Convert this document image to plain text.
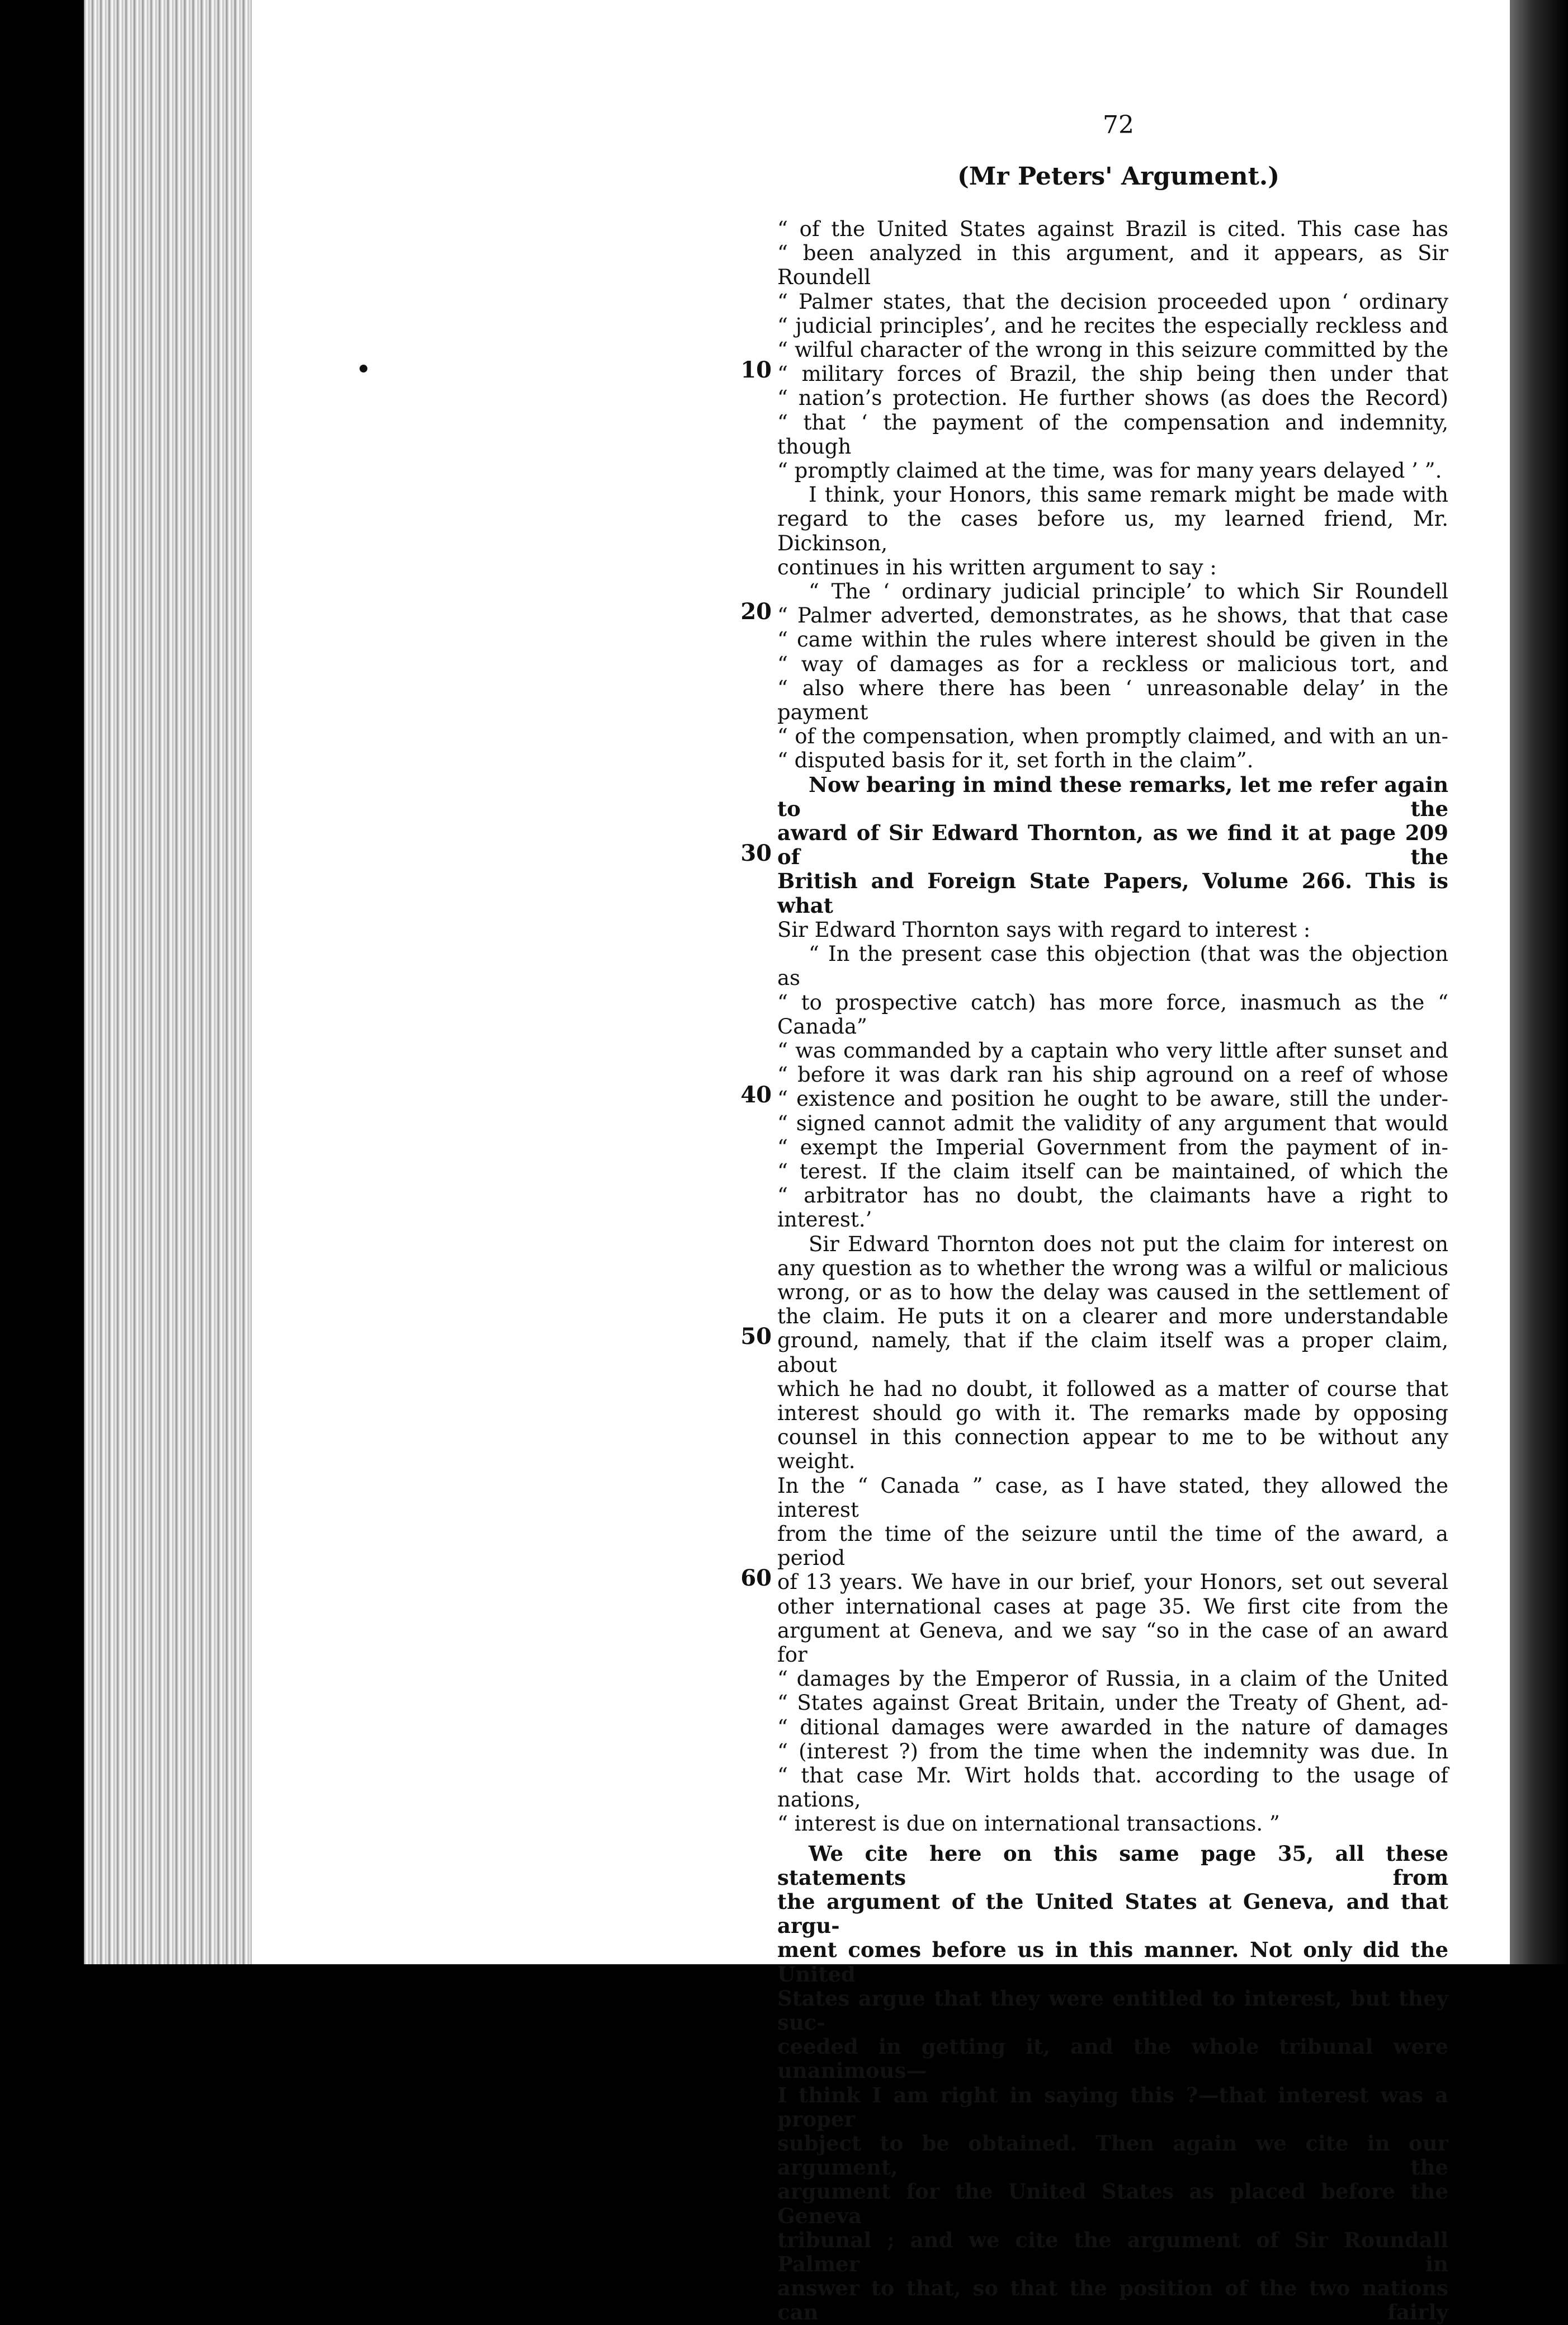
72
(Mr Peters' Argument.)
10
20
30
40
50
60

“ of the United States against Brazil is cited. This case has

“ been analyzed in this argument, and it appears, as Sir Roundell

“ Palmer states, that the decision proceeded upon ‘ ordinary

“ judicial principles’, and he recites the especially reckless and

“ wilful character of the wrong in this seizure committed by the

“ military forces of Brazil, the ship being then under that

“ nation’s protection. He further shows (as does the Record)

“ that ‘ the payment of the compensation and indemnity, though

“ promptly claimed at the time, was for many years delayed ’ ”.

I think, your Honors, this same remark might be made with

regard to the cases before us, my learned friend, Mr. Dickinson,

continues in his written argument to say :

“ The ‘ ordinary judicial principle’ to which Sir Roundell

“ Palmer adverted, demonstrates, as he shows, that that case

“ came within the rules where interest should be given in the

“ way of damages as for a reckless or malicious tort, and

“ also where there has been ‘ unreasonable delay’ in the payment

“ of the compensation, when promptly claimed, and with an un-

“ disputed basis for it, set forth in the claim”.

Now bearing in mind these remarks, let me refer again to the

award of Sir Edward Thornton, as we find it at page 209 of the

British and Foreign State Papers, Volume 266. This is what

Sir Edward Thornton says with regard to interest :

“ In the present case this objection (that was the objection as

“ to prospective catch) has more force, inasmuch as the “ Canada”

“ was commanded by a captain who very little after sunset and

“ before it was dark ran his ship aground on a reef of whose

“ existence and position he ought to be aware, still the under-

“ signed cannot admit the validity of any argument that would

“ exempt the Imperial Government from the payment of in-

“ terest. If the claim itself can be maintained, of which the

“ arbitrator has no doubt, the claimants have a right to interest.’

Sir Edward Thornton does not put the claim for interest on

any question as to whether the wrong was a wilful or malicious

wrong, or as to how the delay was caused in the settlement of

the claim. He puts it on a clearer and more understandable

ground, namely, that if the claim itself was a proper claim, about

which he had no doubt, it followed as a matter of course that

interest should go with it. The remarks made by opposing

counsel in this connection appear to me to be without any weight.

In the “ Canada ” case, as I have stated, they allowed the interest

from the time of the seizure until the time of the award, a period

of 13 years. We have in our brief, your Honors, set out several

other international cases at page 35. We first cite from the

argument at Geneva, and we say “so in the case of an award for

“ damages by the Emperor of Russia, in a claim of the United

“ States against Great Britain, under the Treaty of Ghent, ad-

“ ditional damages were awarded in the nature of damages

“ (interest ?) from the time when the indemnity was due. In

“ that case Mr. Wirt holds that. according to the usage of nations,

“ interest is due on international transactions. ”

We cite here on this same page 35, all these statements from

the argument of the United States at Geneva, and that argu-

ment comes before us in this manner. Not only did the United

States argue that they were entitled to interest, but they suc-

ceeded in getting it, and the whole tribunal were unanimous—

I think I am right in saying this ?—that interest was a proper

subject to be obtained. Then again we cite in our argument, the

argument for the United States as placed before the Geneva

tribunal ; and we cite the argument of Sir Roundall Palmer in

answer to that, so that the position of the two nations can fairly
